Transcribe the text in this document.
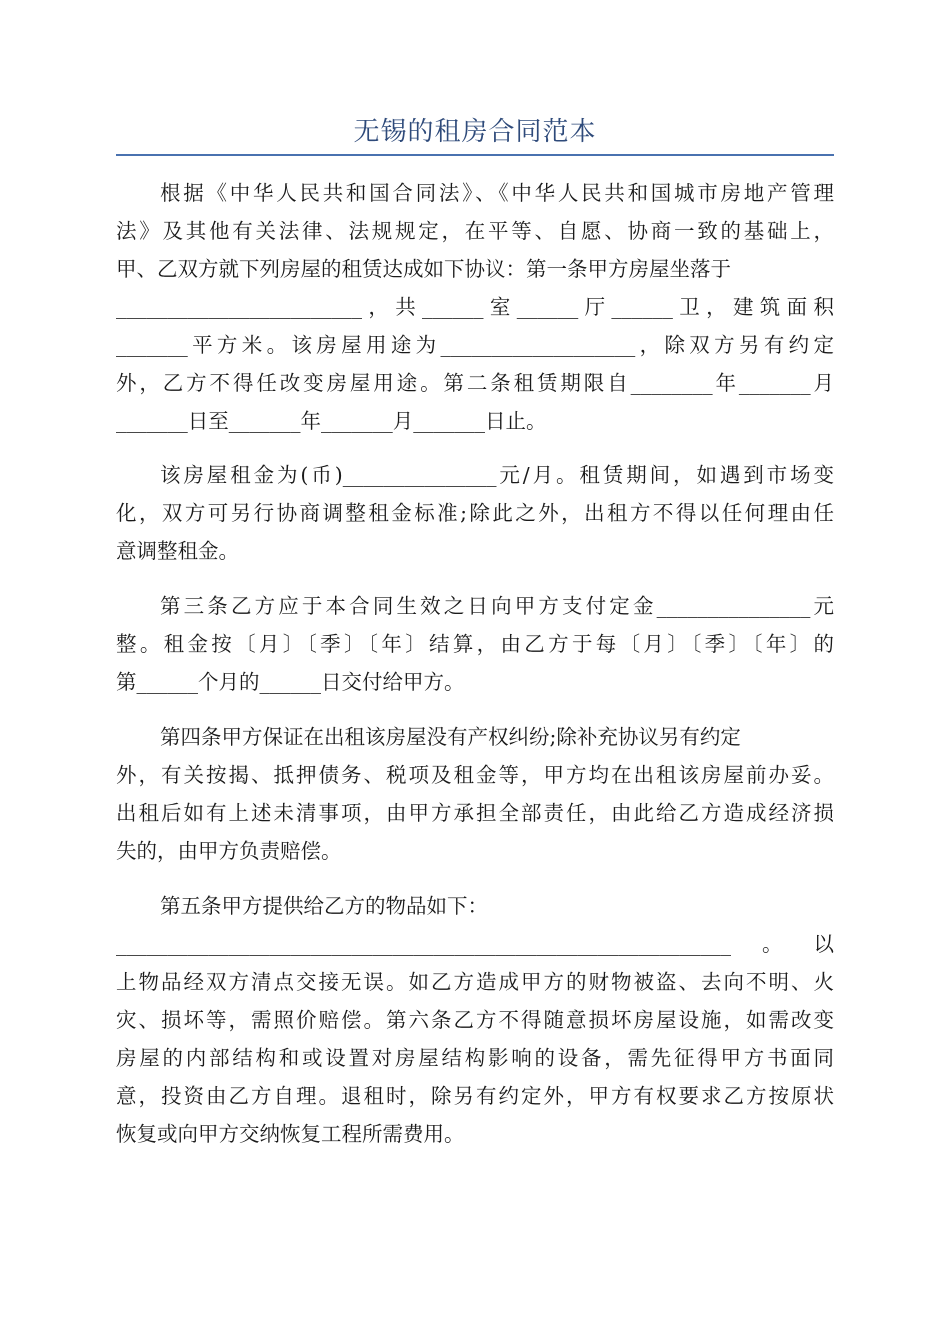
无锡的租房合同范本
根据《中华人民共和国合同法》、《中华人民共和国城市房地产管理
法》及其他有关法律、法规规定，在平等、自愿、协商一致的基础上，
甲、乙双方就下列房屋的租赁达成如下协议：第一条甲方房屋坐落于
________________________，共______室______厅______卫，建筑面积
_______平方米。该房屋用途为___________________，除双方另有约定
外，乙方不得任改变房屋用途。第二条租赁期限自________年_______月
_______日至_______年_______月_______日止。
该房屋租金为(币)_______________元/月。租赁期间，如遇到市场变
化，双方可另行协商调整租金标准;除此之外，出租方不得以任何理由任
意调整租金。
第三条乙方应于本合同生效之日向甲方支付定金_______________元
整。租金按〔月〕〔季〕〔年〕结算，由乙方于每〔月〕〔季〕〔年〕的
第______个月的______日交付给甲方。
第四条甲方保证在出租该房屋没有产权纠纷;除补充协议另有约定
外，有关按揭、抵押债务、税项及租金等，甲方均在出租该房屋前办妥。
出租后如有上述未清事项，由甲方承担全部责任，由此给乙方造成经济损
失的，由甲方负责赔偿。
第五条甲方提供给乙方的物品如下：
____________________________________________________________。以
上物品经双方清点交接无误。如乙方造成甲方的财物被盗、去向不明、火
灾、损坏等，需照价赔偿。第六条乙方不得随意损坏房屋设施，如需改变
房屋的内部结构和或设置对房屋结构影响的设备，需先征得甲方书面同
意，投资由乙方自理。退租时，除另有约定外，甲方有权要求乙方按原状
恢复或向甲方交纳恢复工程所需费用。
